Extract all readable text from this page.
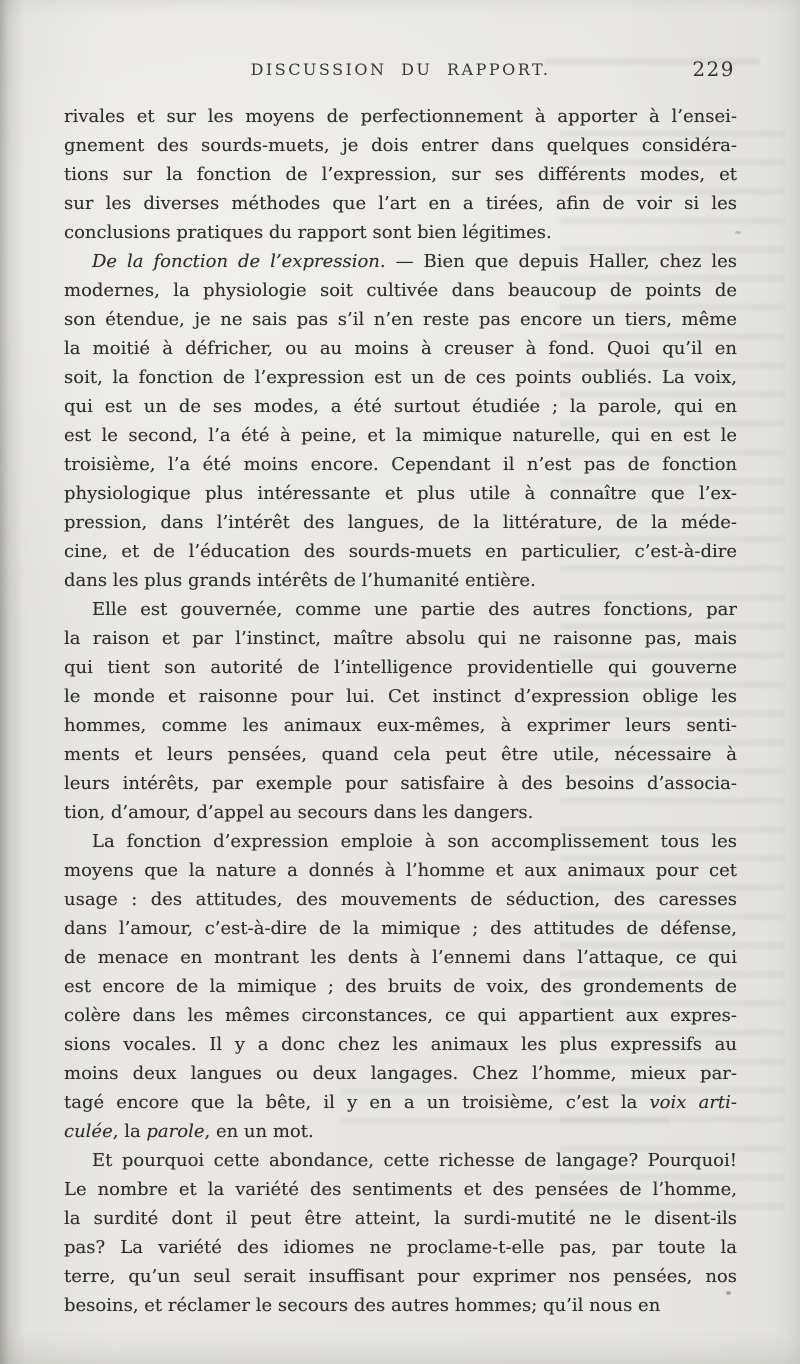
DISCUSSION DU RAPPORT.	229
rivales et sur les moyens de perfectionnement à apporter à l’ensei-
gnement des sourds-muets, je dois entrer dans quelques considéra-
tions sur la fonction de l’expression, sur ses différents modes, et
sur les diverses méthodes que l’art en a tirées, afin de voir si les
conclusions pratiques du rapport sont bien légitimes.
De la fonction de l’expression. — Bien que depuis Haller, chez les
modernes, la physiologie soit cultivée dans beaucoup de points de
son étendue, je ne sais pas s’il n’en reste pas encore un tiers, même
la moitié à défricher, ou au moins à creuser à fond. Quoi qu’il en
soit, la fonction de l’expression est un de ces points oubliés. La voix,
qui est un de ses modes, a été surtout étudiée ; la parole, qui en
est le second, l’a été à peine, et la mimique naturelle, qui en est le
troisième, l’a été moins encore. Cependant il n’est pas de fonction
physiologique plus intéressante et plus utile à connaître que l’ex-
pression, dans l’intérêt des langues, de la littérature, de la méde-
cine, et de l’éducation des sourds-muets en particulier, c’est-à-dire
dans les plus grands intérêts de l’humanité entière.
Elle est gouvernée, comme une partie des autres fonctions, par
la raison et par l’instinct, maître absolu qui ne raisonne pas, mais
qui tient son autorité de l’intelligence providentielle qui gouverne
le monde et raisonne pour lui. Cet instinct d’expression oblige les
hommes, comme les animaux eux-mêmes, à exprimer leurs senti-
ments et leurs pensées, quand cela peut être utile, nécessaire à
leurs intérêts, par exemple pour satisfaire à des besoins d’associa-
tion, d’amour, d’appel au secours dans les dangers.
La fonction d’expression emploie à son accomplissement tous les
moyens que la nature a donnés à l’homme et aux animaux pour cet
usage : des attitudes, des mouvements de séduction, des caresses
dans l’amour, c’est-à-dire de la mimique ; des attitudes de défense,
de menace en montrant les dents à l’ennemi dans l’attaque, ce qui
est encore de la mimique ; des bruits de voix, des grondements de
colère dans les mêmes circonstances, ce qui appartient aux expres-
sions vocales. Il y a donc chez les animaux les plus expressifs au
moins deux langues ou deux langages. Chez l’homme, mieux par-
tagé encore que la bête, il y en a un troisième, c’est la voix arti-
culée, la parole, en un mot.
Et pourquoi cette abondance, cette richesse de langage? Pourquoi!
Le nombre et la variété des sentiments et des pensées de l’homme,
la surdité dont il peut être atteint, la surdi-mutité ne le disent-ils
pas? La variété des idiomes ne proclame-t-elle pas, par toute la
terre, qu’un seul serait insuffisant pour exprimer nos pensées, nos
besoins, et réclamer le secours des autres hommes; qu’il nous en
